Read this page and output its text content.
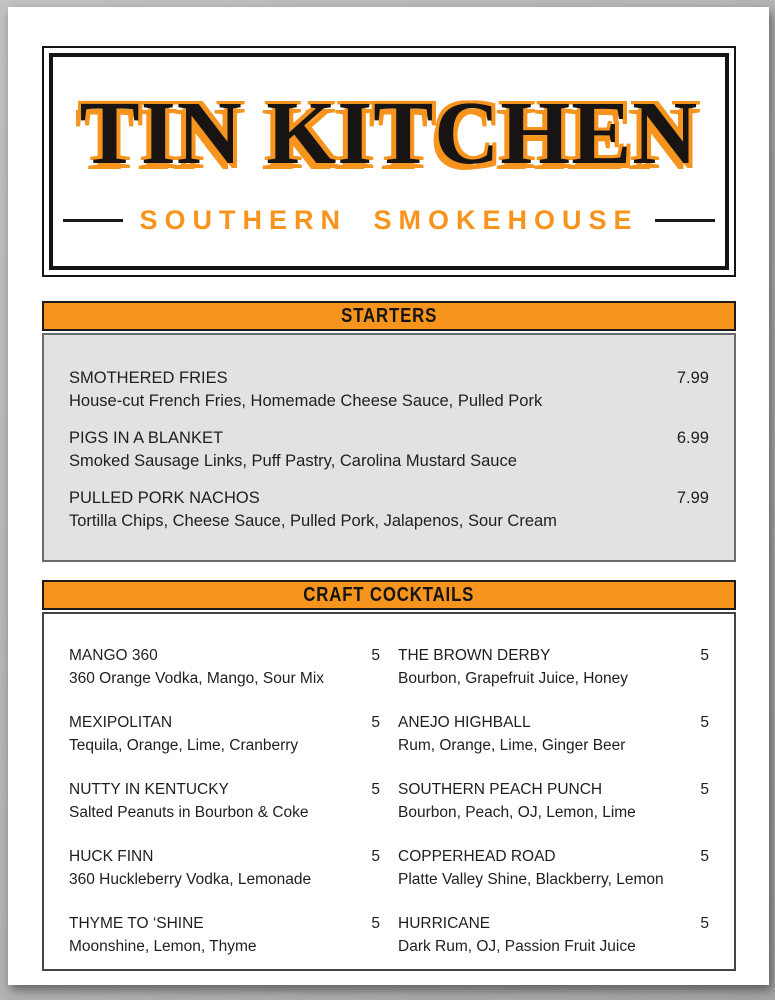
TIN KITCHEN
SOUTHERN SMOKEHOUSE
STARTERS
SMOTHERED FRIES	7.99
House-cut French Fries, Homemade Cheese Sauce, Pulled Pork
PIGS IN A BLANKET	6.99
Smoked Sausage Links, Puff Pastry, Carolina Mustard Sauce
PULLED PORK NACHOS	7.99
Tortilla Chips, Cheese Sauce, Pulled Pork, Jalapenos, Sour Cream
CRAFT COCKTAILS
MANGO 360	5
360 Orange Vodka, Mango, Sour Mix
MEXIPOLITAN	5
Tequila, Orange, Lime, Cranberry
NUTTY IN KENTUCKY	5
Salted Peanuts in Bourbon & Coke
HUCK FINN	5
360 Huckleberry Vodka, Lemonade
THYME TO ‘SHINE	5
Moonshine, Lemon, Thyme
THE BROWN DERBY	5
Bourbon, Grapefruit Juice, Honey
ANEJO HIGHBALL	5
Rum, Orange, Lime, Ginger Beer
SOUTHERN PEACH PUNCH	5
Bourbon, Peach, OJ, Lemon, Lime
COPPERHEAD ROAD	5
Platte Valley Shine, Blackberry, Lemon
HURRICANE	5
Dark Rum, OJ, Passion Fruit Juice
